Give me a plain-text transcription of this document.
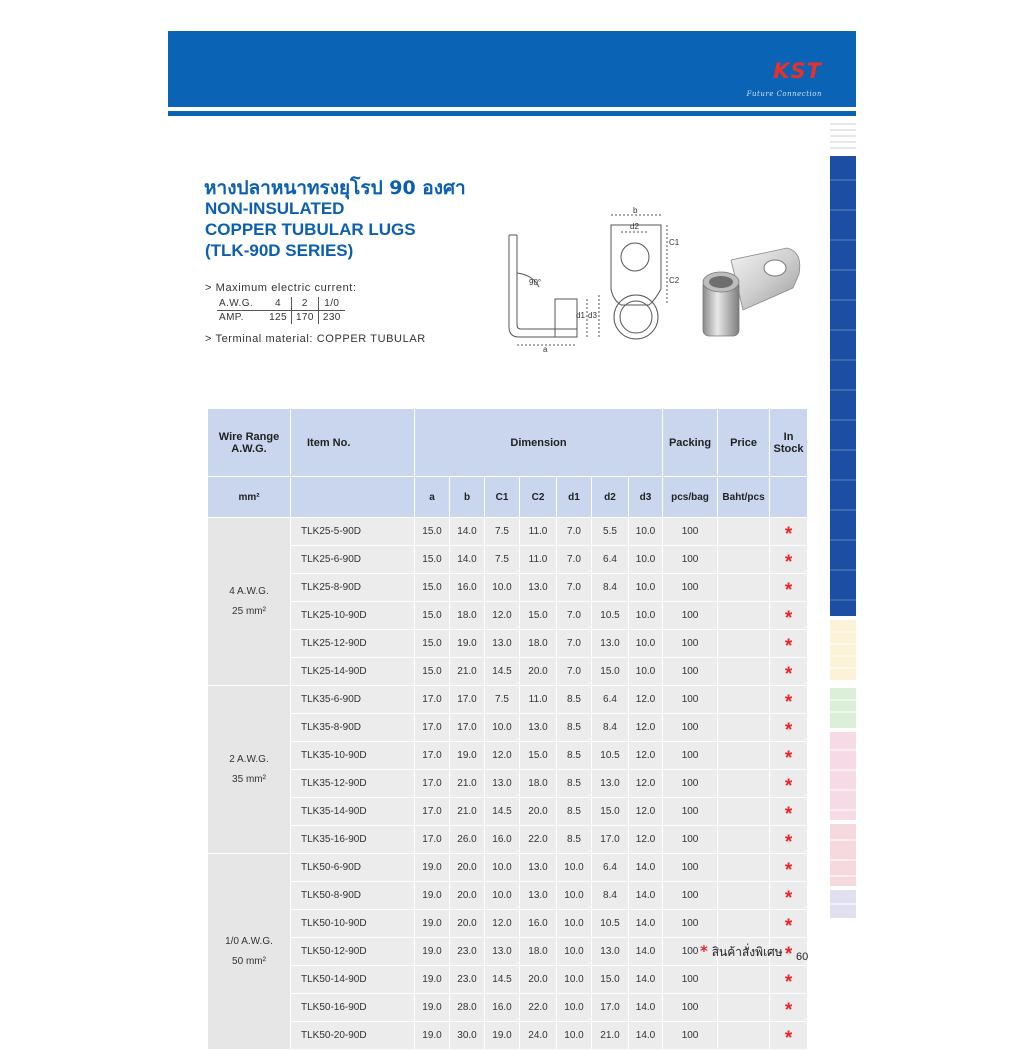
KST
Future Connection
หางปลาหนาทรงยุโรป 90 องศา
NON-INSULATED
COPPER TUBULAR LUGS
(TLK-90D SERIES)
> Maximum electric current:
A.W.G.	4	2	1/0
AMP.	125	170	230
> Terminal material: COPPER TUBULAR
b
d2
C1
C2
d1 d3
a
90°
Wire Range
A.W.G.	Item No.	Dimension							Packing	Price	In
Stock
mm²		a	b	C1	C2	d1	d2	d3	pcs/bag	Baht/pcs	

4 A.W.G.
25 mm²	TLK25-5-90D	15.0	14.0	7.5	11.0	7.0	5.5	10.0	100		*
	TLK25-6-90D	15.0	14.0	7.5	11.0	7.0	6.4	10.0	100		*
	TLK25-8-90D	15.0	16.0	10.0	13.0	7.0	8.4	10.0	100		*
	TLK25-10-90D	15.0	18.0	12.0	15.0	7.0	10.5	10.0	100		*
	TLK25-12-90D	15.0	19.0	13.0	18.0	7.0	13.0	10.0	100		*
	TLK25-14-90D	15.0	21.0	14.5	20.0	7.0	15.0	10.0	100		*

2 A.W.G.
35 mm²	TLK35-6-90D	17.0	17.0	7.5	11.0	8.5	6.4	12.0	100		*
	TLK35-8-90D	17.0	17.0	10.0	13.0	8.5	8.4	12.0	100		*
	TLK35-10-90D	17.0	19.0	12.0	15.0	8.5	10.5	12.0	100		*
	TLK35-12-90D	17.0	21.0	13.0	18.0	8.5	13.0	12.0	100		*
	TLK35-14-90D	17.0	21.0	14.5	20.0	8.5	15.0	12.0	100		*
	TLK35-16-90D	17.0	26.0	16.0	22.0	8.5	17.0	12.0	100		*

1/0 A.W.G.
50 mm²	TLK50-6-90D	19.0	20.0	10.0	13.0	10.0	6.4	14.0	100		*
	TLK50-8-90D	19.0	20.0	10.0	13.0	10.0	8.4	14.0	100		*
	TLK50-10-90D	19.0	20.0	12.0	16.0	10.0	10.5	14.0	100		*
	TLK50-12-90D	19.0	23.0	13.0	18.0	10.0	13.0	14.0	100		*
	TLK50-14-90D	19.0	23.0	14.5	20.0	10.0	15.0	14.0	100		*
	TLK50-16-90D	19.0	28.0	16.0	22.0	10.0	17.0	14.0	100		*
	TLK50-20-90D	19.0	30.0	19.0	24.0	10.0	21.0	14.0	100		*
* สินค้าสั่งพิเศษ 60
